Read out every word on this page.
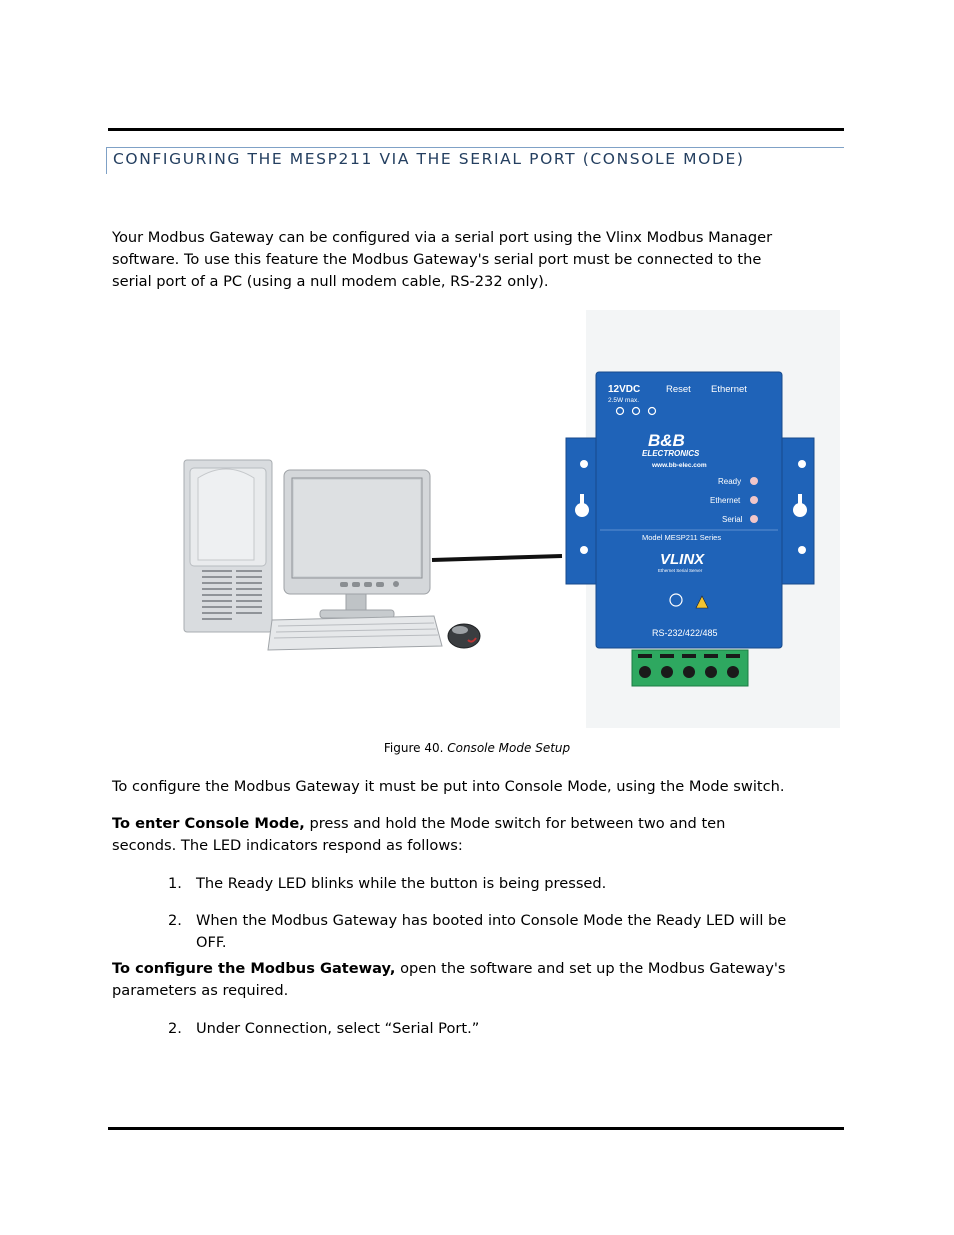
CONFIGURING THE MESP211 VIA THE SERIAL PORT (CONSOLE MODE)

Your Modbus Gateway can be configured via a serial port using the Vlinx Modbus Manager
software. To use this feature the Modbus Gateway's serial port must be connected to the
serial port of a PC (using a null modem cable, RS-232 only).

12VDC
2.5W max.
Reset Ethernet
B&B
ELECTRONICS
www.bb-elec.com
Ready
Ethernet
Serial
Model MESP211 Series
VLINX
Ethernet Serial Server
RS-232/422/485

Figure 40. Console Mode Setup

To configure the Modbus Gateway it must be put into Console Mode, using the Mode switch.

To enter Console Mode, press and hold the Mode switch for between two and ten
seconds. The LED indicators respond as follows:

1. The Ready LED blinks while the button is being pressed.

2. When the Modbus Gateway has booted into Console Mode the Ready LED will be
OFF.

To configure the Modbus Gateway, open the software and set up the Modbus Gateway's
parameters as required.

2. Under Connection, select “Serial Port.”
